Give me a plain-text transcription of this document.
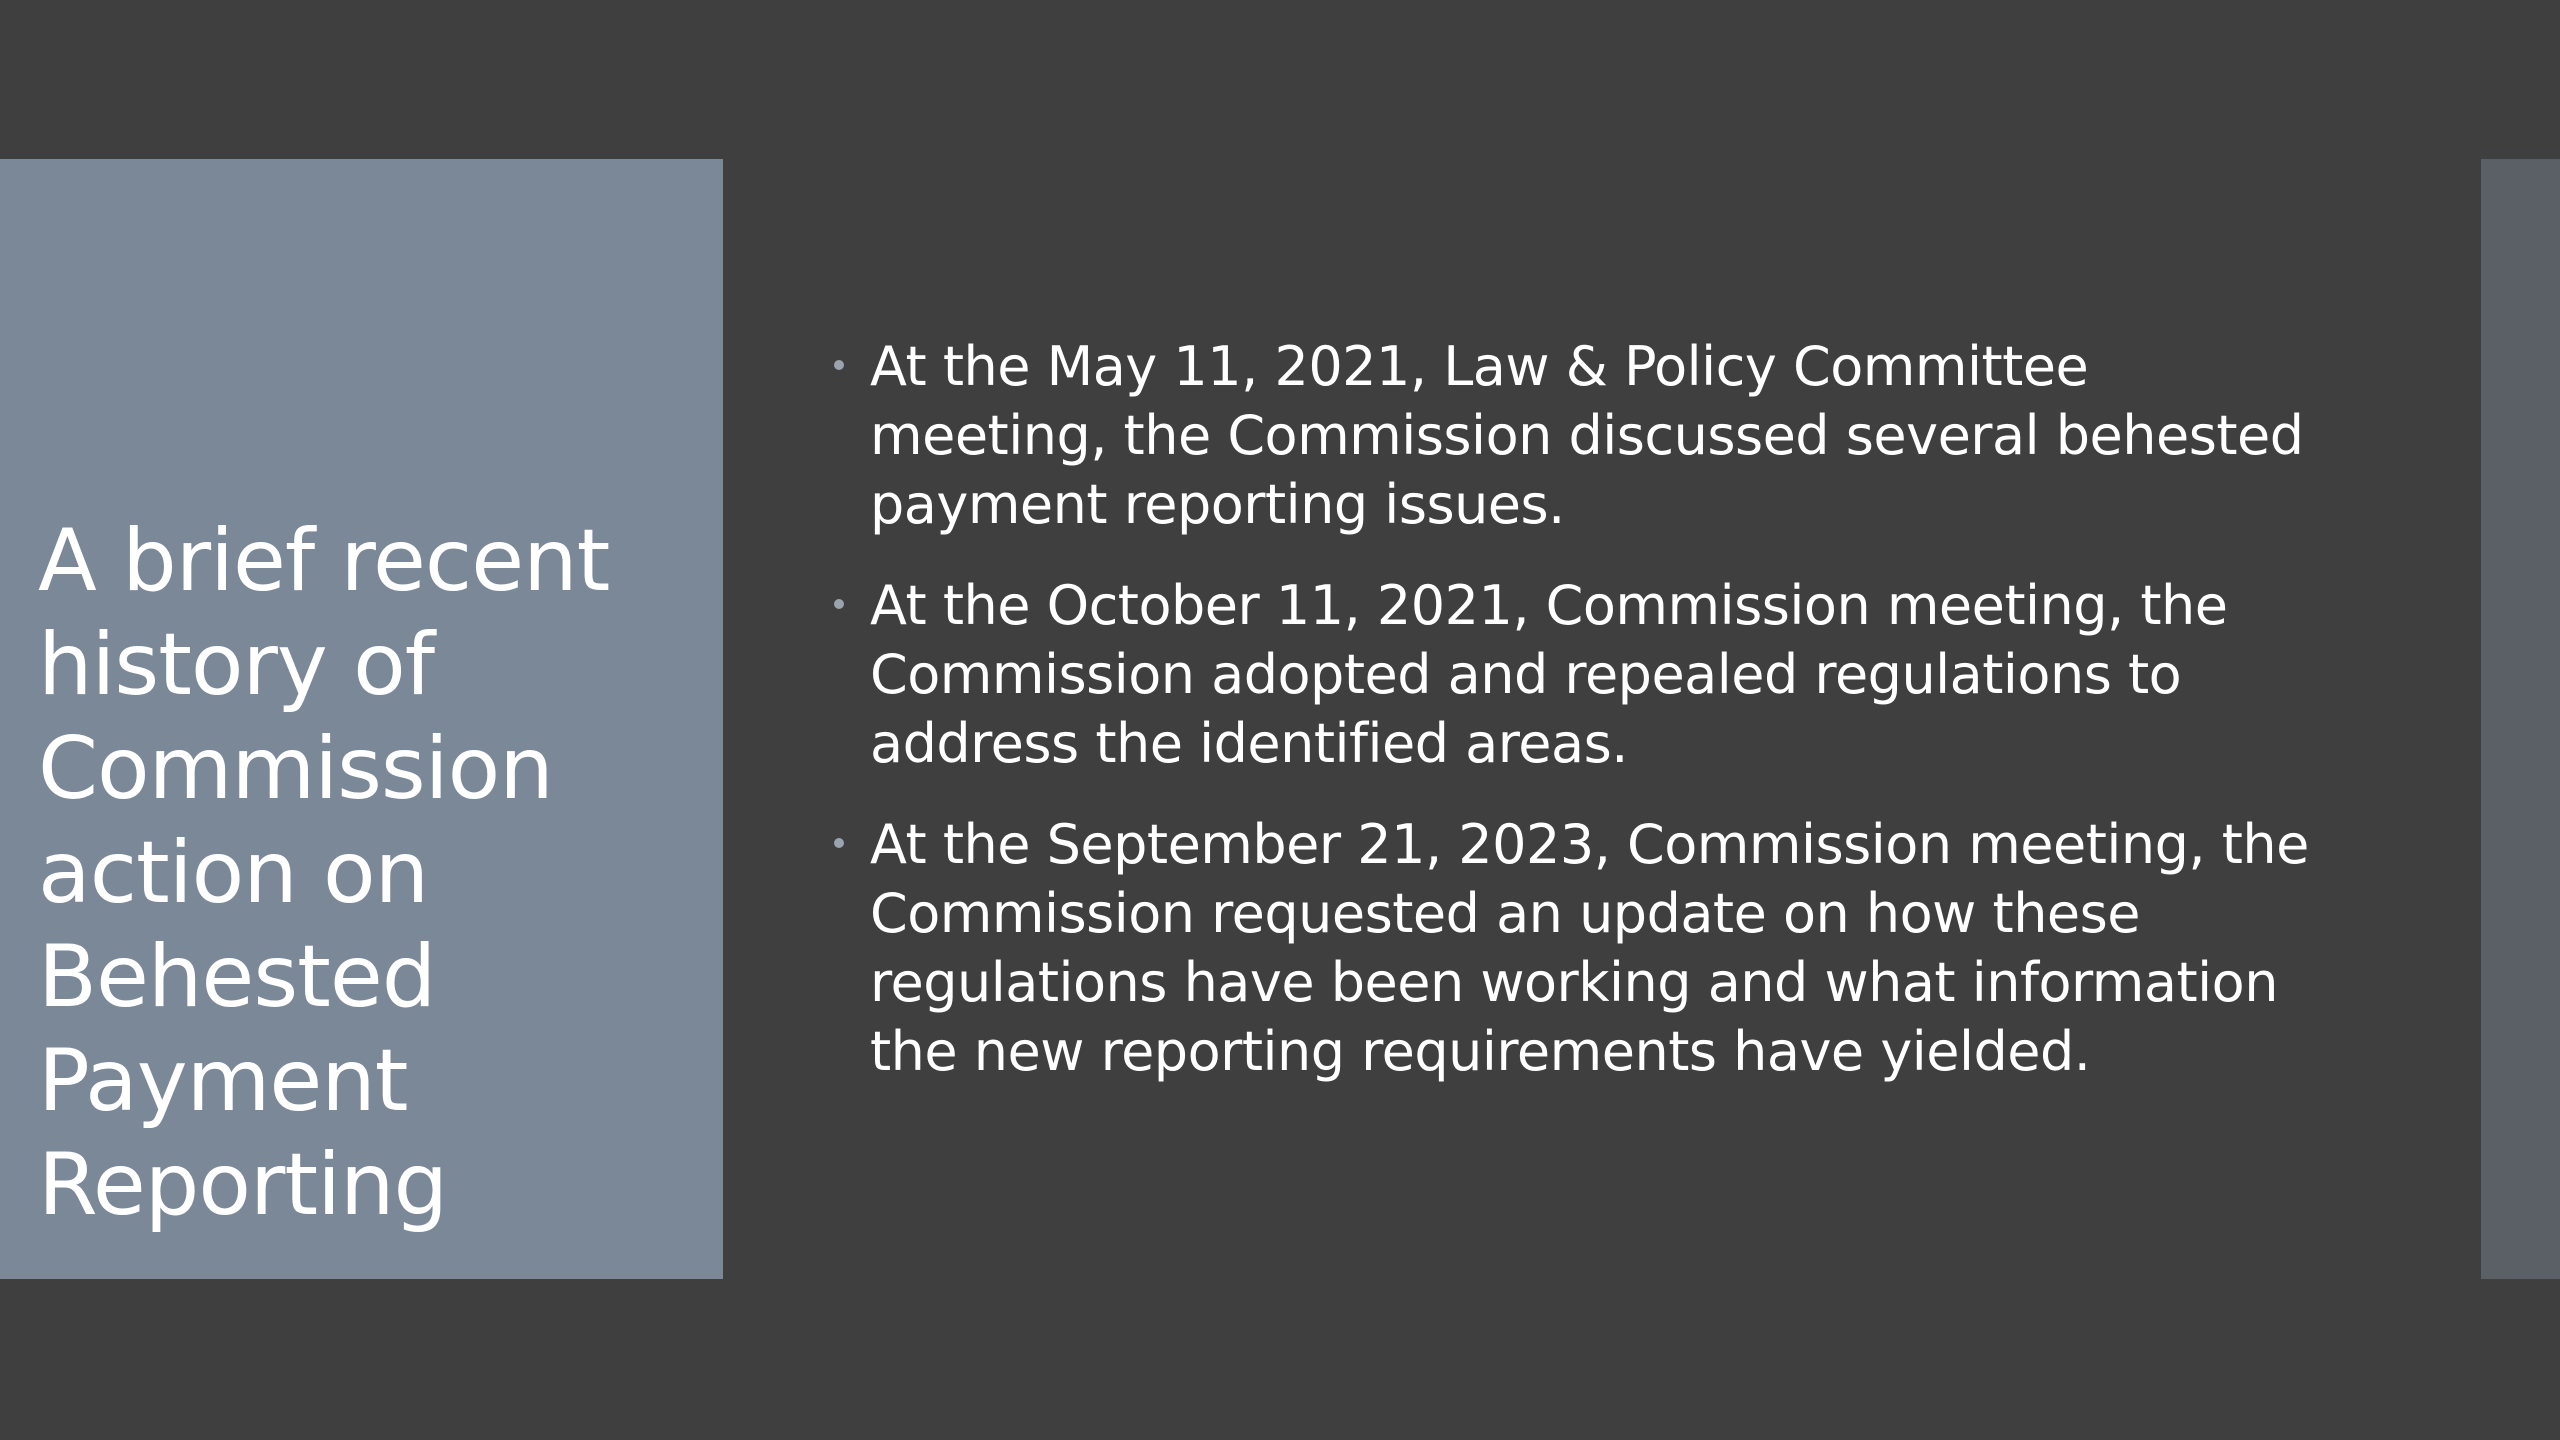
A brief recent history of Commission action on Behested Payment Reporting
At the May 11, 2021, Law & Policy Committee meeting, the Commission discussed several behested payment reporting issues.
At the October 11, 2021, Commission meeting, the Commission adopted and repealed regulations to address the identified areas.
At the September 21, 2023, Commission meeting, the Commission requested an update on how these regulations have been working and what information the new reporting requirements have yielded.
